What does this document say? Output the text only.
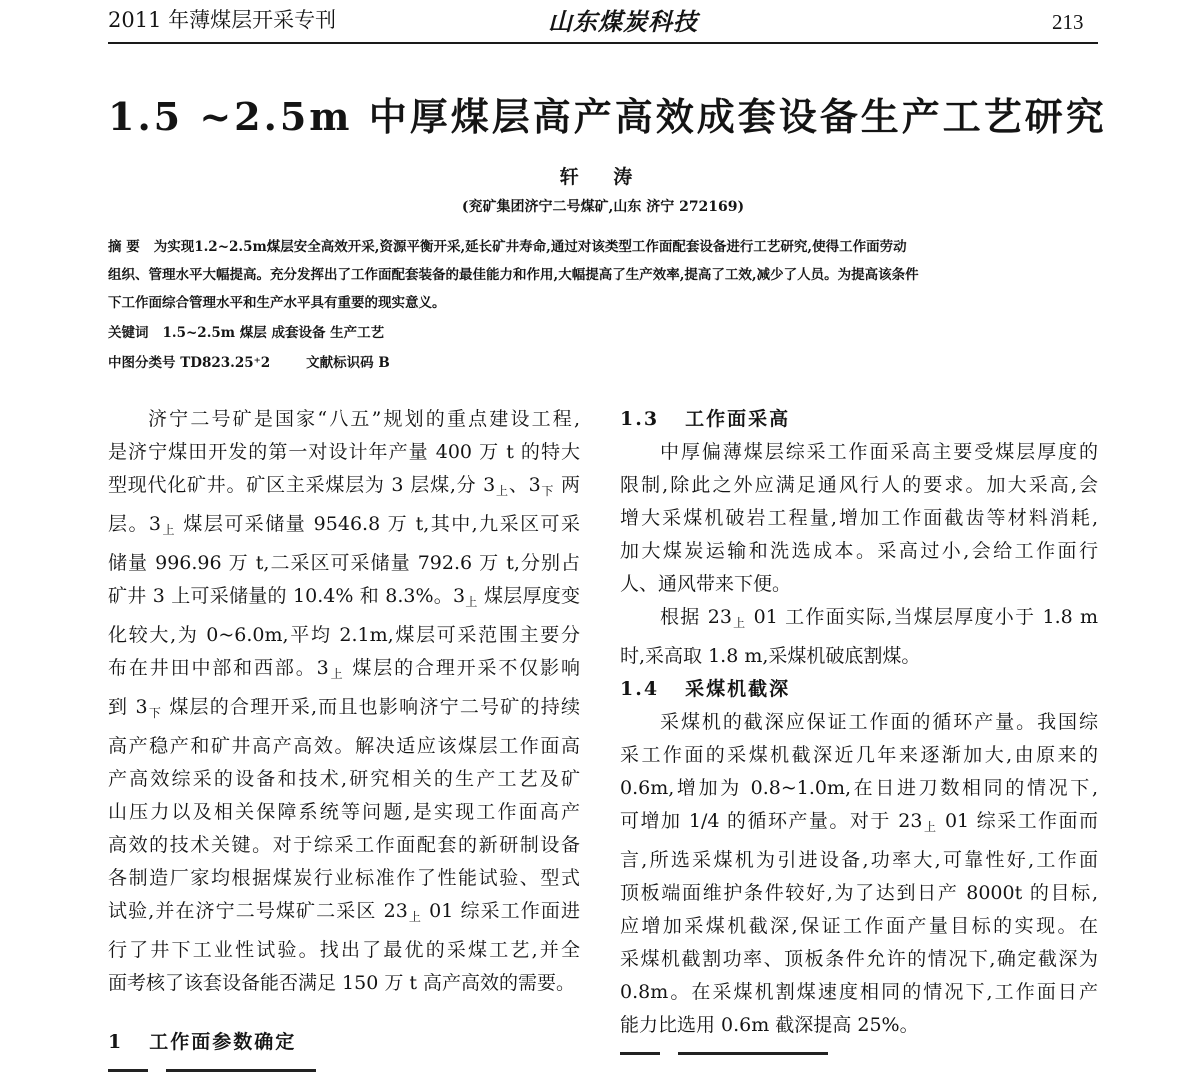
2011 年薄煤层开采专刊	山东煤炭科技	213
1.5 ~2.5m 中厚煤层高产高效成套设备生产工艺研究
轩 涛
(兖矿集团济宁二号煤矿,山东 济宁 272169)
摘 要 为实现1.2~2.5m煤层安全高效开采,资源平衡开采,延长矿井寿命,通过对该类型工作面配套设备进行工艺研究,使得工作面劳动
组织、管理水平大幅提高。充分发挥出了工作面配套装备的最佳能力和作用,大幅提高了生产效率,提高了工效,减少了人员。为提高该条件
下工作面综合管理水平和生产水平具有重要的现实意义。
关键词 1.5~2.5m 煤层 成套设备 生产工艺
中图分类号 TD823.25⁺2	文献标识码 B
济宁二号矿是国家“八五”规划的重点建设工程,
是济宁煤田开发的第一对设计年产量 400 万 t 的特大
型现代化矿井。矿区主采煤层为 3 层煤,分 $3_上$、$3_下$ 两
层。$3_上$ 煤层可采储量 9546.8 万 t,其中,九采区可采
储量 996.96 万 t,二采区可采储量 792.6 万 t,分别占
矿井 3 上可采储量的 10.4% 和 8.3%。$3_上$ 煤层厚度变
化较大,为 0~6.0m,平均 2.1m,煤层可采范围主要分
布在井田中部和西部。$3_上$ 煤层的合理开采不仅影响
到 $3_下$ 煤层的合理开采,而且也影响济宁二号矿的持续
高产稳产和矿井高产高效。解决适应该煤层工作面高
产高效综采的设备和技术,研究相关的生产工艺及矿
山压力以及相关保障系统等问题,是实现工作面高产
高效的技术关键。对于综采工作面配套的新研制设备
各制造厂家均根据煤炭行业标准作了性能试验、型式
试验,并在济宁二号煤矿二采区 $23_上$ 01 综采工作面进
行了井下工业性试验。找出了最优的采煤工艺,并全
面考核了该套设备能否满足 150 万 t 高产高效的需要。
1 工作面参数确定
1.3 工作面采高
中厚偏薄煤层综采工作面采高主要受煤层厚度的
限制,除此之外应满足通风行人的要求。加大采高,会
增大采煤机破岩工程量,增加工作面截齿等材料消耗,
加大煤炭运输和洗选成本。采高过小,会给工作面行
人、通风带来下便。
根据 $23_上$ 01 工作面实际,当煤层厚度小于 1.8 m
时,采高取 1.8 m,采煤机破底割煤。
1.4 采煤机截深
采煤机的截深应保证工作面的循环产量。我国综
采工作面的采煤机截深近几年来逐渐加大,由原来的
0.6m,增加为 0.8~1.0m,在日进刀数相同的情况下,
可增加 1/4 的循环产量。对于 $23_上$ 01 综采工作面而
言,所选采煤机为引进设备,功率大,可靠性好,工作面
顶板端面维护条件较好,为了达到日产 8000t 的目标,
应增加采煤机截深,保证工作面产量目标的实现。在
采煤机截割功率、顶板条件允许的情况下,确定截深为
0.8m。在采煤机割煤速度相同的情况下,工作面日产
能力比选用 0.6m 截深提高 25%。
